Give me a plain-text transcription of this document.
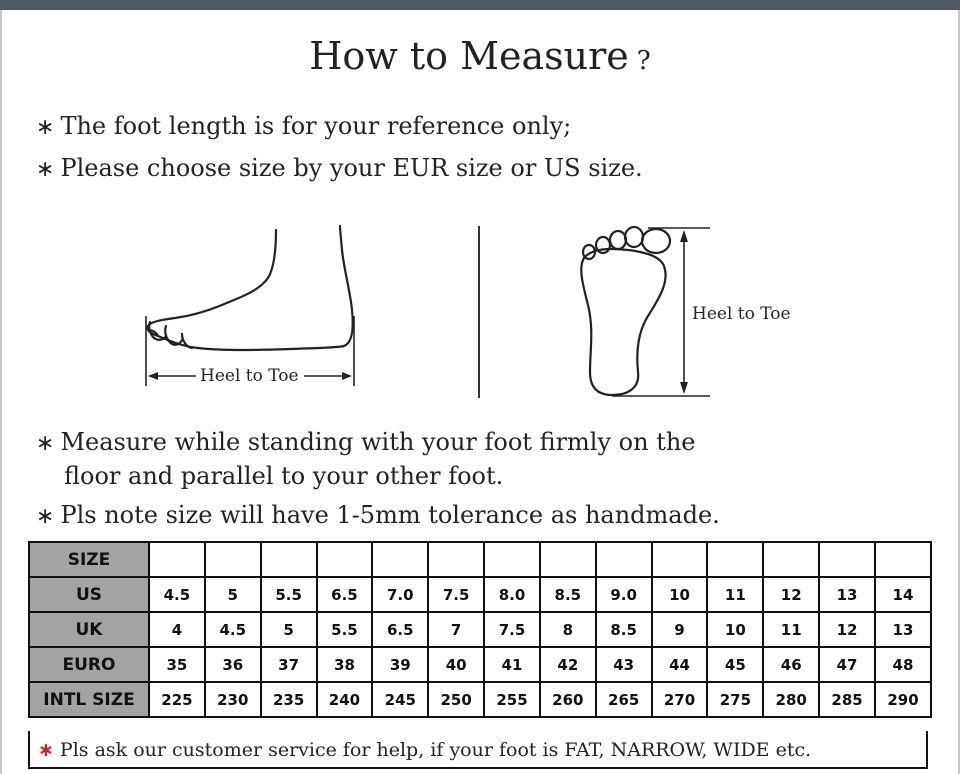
How to Measure ?
∗ The foot length is for your reference only;
∗ Please choose size by your EUR size or US size.
Heel to Toe
Heel to Toe
∗ Measure while standing with your foot firmly on the
floor and parallel to your other foot.
∗ Pls note size will have 1-5mm tolerance as handmade.
SIZE														
US	4.5	5	5.5	6.5	7.0	7.5	8.0	8.5	9.0	10	11	12	13	14
UK	4	4.5	5	5.5	6.5	7	7.5	8	8.5	9	10	11	12	13
EURO	35	36	37	38	39	40	41	42	43	44	45	46	47	48
INTL SIZE	225	230	235	240	245	250	255	260	265	270	275	280	285	290
∗ Pls ask our customer service for help, if your foot is FAT, NARROW, WIDE etc.
